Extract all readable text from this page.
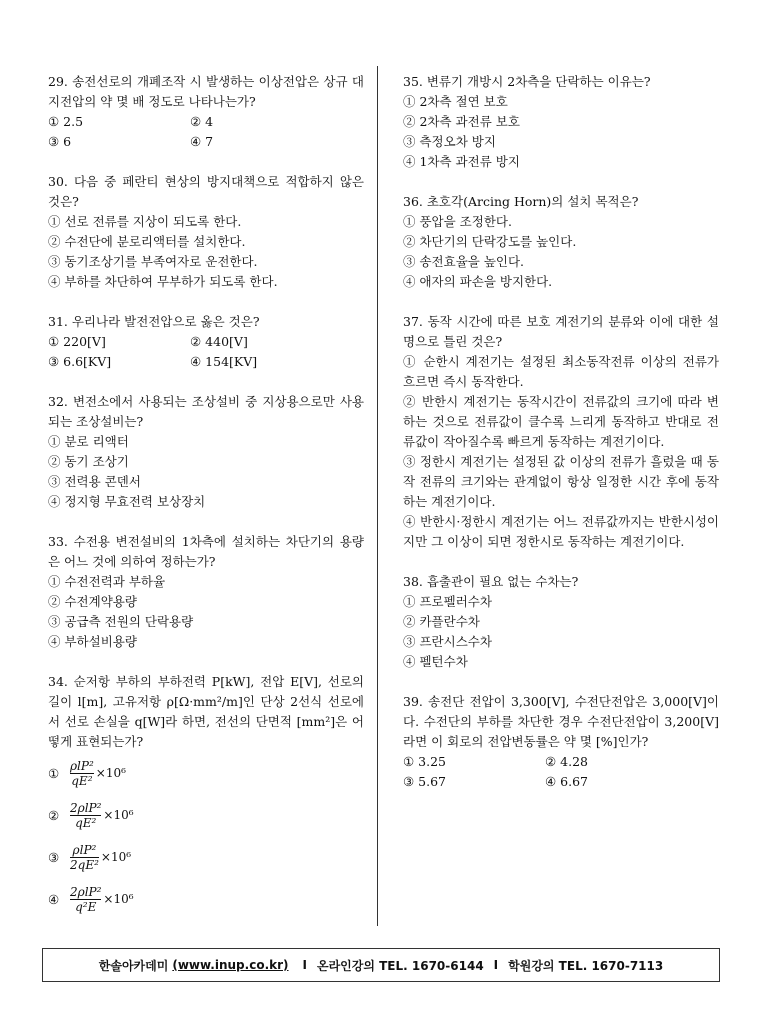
29. 송전선로의 개폐조작 시 발생하는 이상전압은 상규 대지전압의 약 몇 배 정도로 나타나는가?
① 2.5	② 4
③ 6	④ 7
30. 다음 중 페란티 현상의 방지대책으로 적합하지 않은 것은?
① 선로 전류를 지상이 되도록 한다.
② 수전단에 분로리액터를 설치한다.
③ 동기조상기를 부족여자로 운전한다.
④ 부하를 차단하여 무부하가 되도록 한다.
31. 우리나라 발전전압으로 옳은 것은?
① 220[V]	② 440[V]
③ 6.6[KV]	④ 154[KV]
32. 변전소에서 사용되는 조상설비 중 지상용으로만 사용되는 조상설비는?
① 분로 리액터
② 동기 조상기
③ 전력용 콘덴서
④ 정지형 무효전력 보상장치
33. 수전용 변전설비의 1차측에 설치하는 차단기의 용량은 어느 것에 의하여 정하는가?
① 수전전력과 부하율
② 수전계약용량
③ 공급측 전원의 단락용량
④ 부하설비용량
34. 순저항 부하의 부하전력 P[kW], 전압 E[V], 선로의 길이 l[m], 고유저항 ρ[Ω·mm²/m]인 단상 2선식 선로에서 선로 손실을 q[W]라 하면, 전선의 단면적 [mm²]은 어떻게 표현되는가?
① $\frac{\text{ρlP²}}{\text{qE²}} \times 10^6$
② $\frac{\text{2ρlP²}}{\text{qE²}} \times 10^6$
③ $\frac{\text{ρlP²}}{\text{2qE²}} \times 10^6$
④ $\frac{\text{2ρlP²}}{\text{q²E}} \times 10^6$
35. 변류기 개방시 2차측을 단락하는 이유는?
① 2차측 절연 보호
② 2차측 과전류 보호
③ 측정오차 방지
④ 1차측 과전류 방지
36. 초호각(Arcing Horn)의 설치 목적은?
① 풍압을 조정한다.
② 차단기의 단락강도를 높인다.
③ 송전효율을 높인다.
④ 애자의 파손을 방지한다.
37. 동작 시간에 따른 보호 계전기의 분류와 이에 대한 설명으로 틀린 것은?
① 순한시 계전기는 설정된 최소동작전류 이상의 전류가 흐르면 즉시 동작한다.
② 반한시 계전기는 동작시간이 전류값의 크기에 따라 변하는 것으로 전류값이 클수록 느리게 동작하고 반대로 전류값이 작아질수록 빠르게 동작하는 계전기이다.
③ 정한시 계전기는 설정된 값 이상의 전류가 흘렀을 때 동작 전류의 크기와는 관계없이 항상 일정한 시간 후에 동작하는 계전기이다.
④ 반한시·정한시 계전기는 어느 전류값까지는 반한시성이지만 그 이상이 되면 정한시로 동작하는 계전기이다.
38. 흡출관이 필요 없는 수차는?
① 프로펠러수차
② 카플란수차
③ 프란시스수차
④ 펠턴수차
39. 송전단 전압이 3,300[V], 수전단전압은 3,000[V]이다. 수전단의 부하를 차단한 경우 수전단전압이 3,200[V]라면 이 회로의 전압변동률은 약 몇 [%]인가?
① 3.25	② 4.28
③ 5.67	④ 6.67
한솔아카데미 (www.inup.co.kr) I 온라인강의 TEL. 1670-6144 I 학원강의 TEL. 1670-7113
